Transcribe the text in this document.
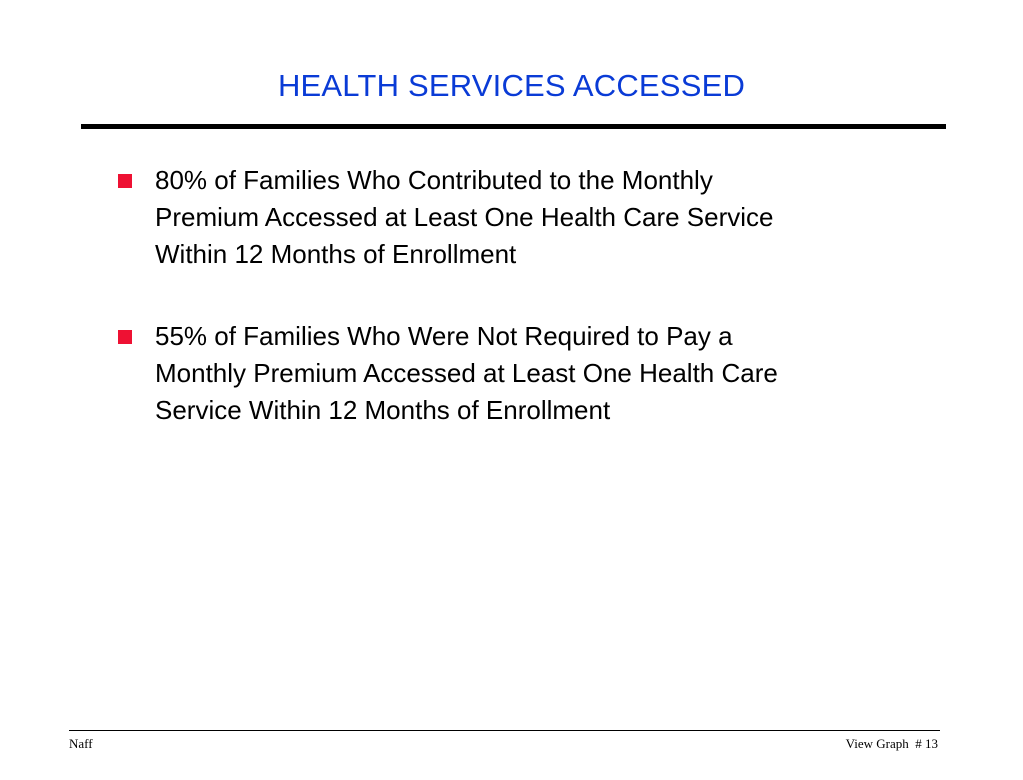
HEALTH SERVICES ACCESSED
80% of Families Who Contributed to the Monthly
Premium Accessed at Least One Health Care Service
Within 12 Months of Enrollment
55% of Families Who Were Not Required to Pay a
Monthly Premium Accessed at Least One Health Care
Service Within 12 Months of Enrollment
Naff	View Graph  # 13
